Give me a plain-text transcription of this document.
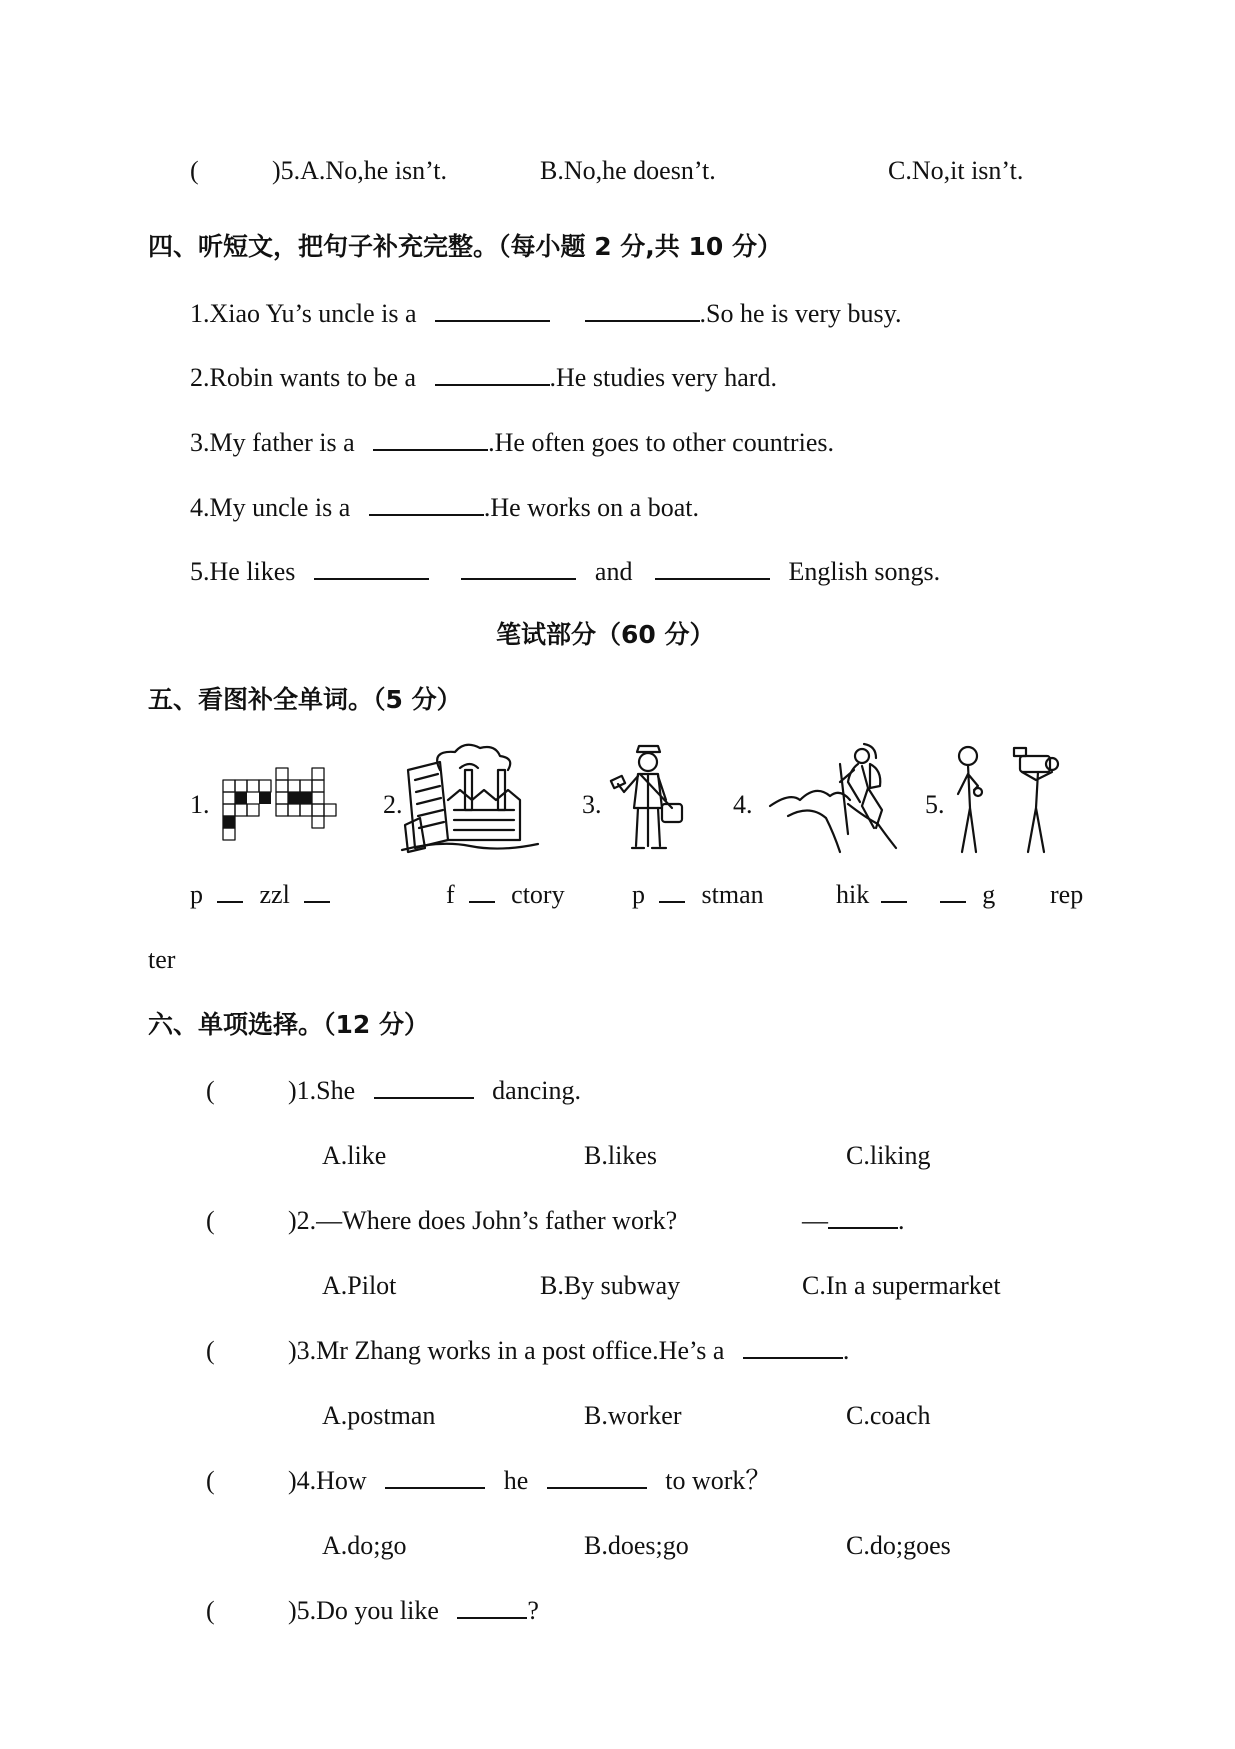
(	)5.A.No,he isn’t.	B.No,he doesn’t.	C.No,it isn’t.
四、听短文，把句子补充完整。（每小题 2 分,共 10 分）
1.Xiao Yu’s uncle is a	.So he is very busy.
2.Robin wants to be a	.He studies very hard.
3.My father is a	.He often goes to other countries.
4.My uncle is a	.He works on a boat.
5.He likes	and	English songs.
笔试部分（60 分）
五、看图补全单词。（5 分）
1.	2.	3.	4.	5.
p zzl	f ctory	p stman	hik	g rep
ter
六、单项选择。（12 分）
(	)1.She	dancing.
A.like	B.likes	C.liking
(	)2.—Where does John’s father work?	—	.
A.Pilot	B.By subway	C.In a supermarket
(	)3.Mr Zhang works in a post office.He’s a	.
A.postman	B.worker	C.coach
(	)4.How	he	to work？
A.do;go	B.does;go	C.do;goes
(	)5.Do you like	?
